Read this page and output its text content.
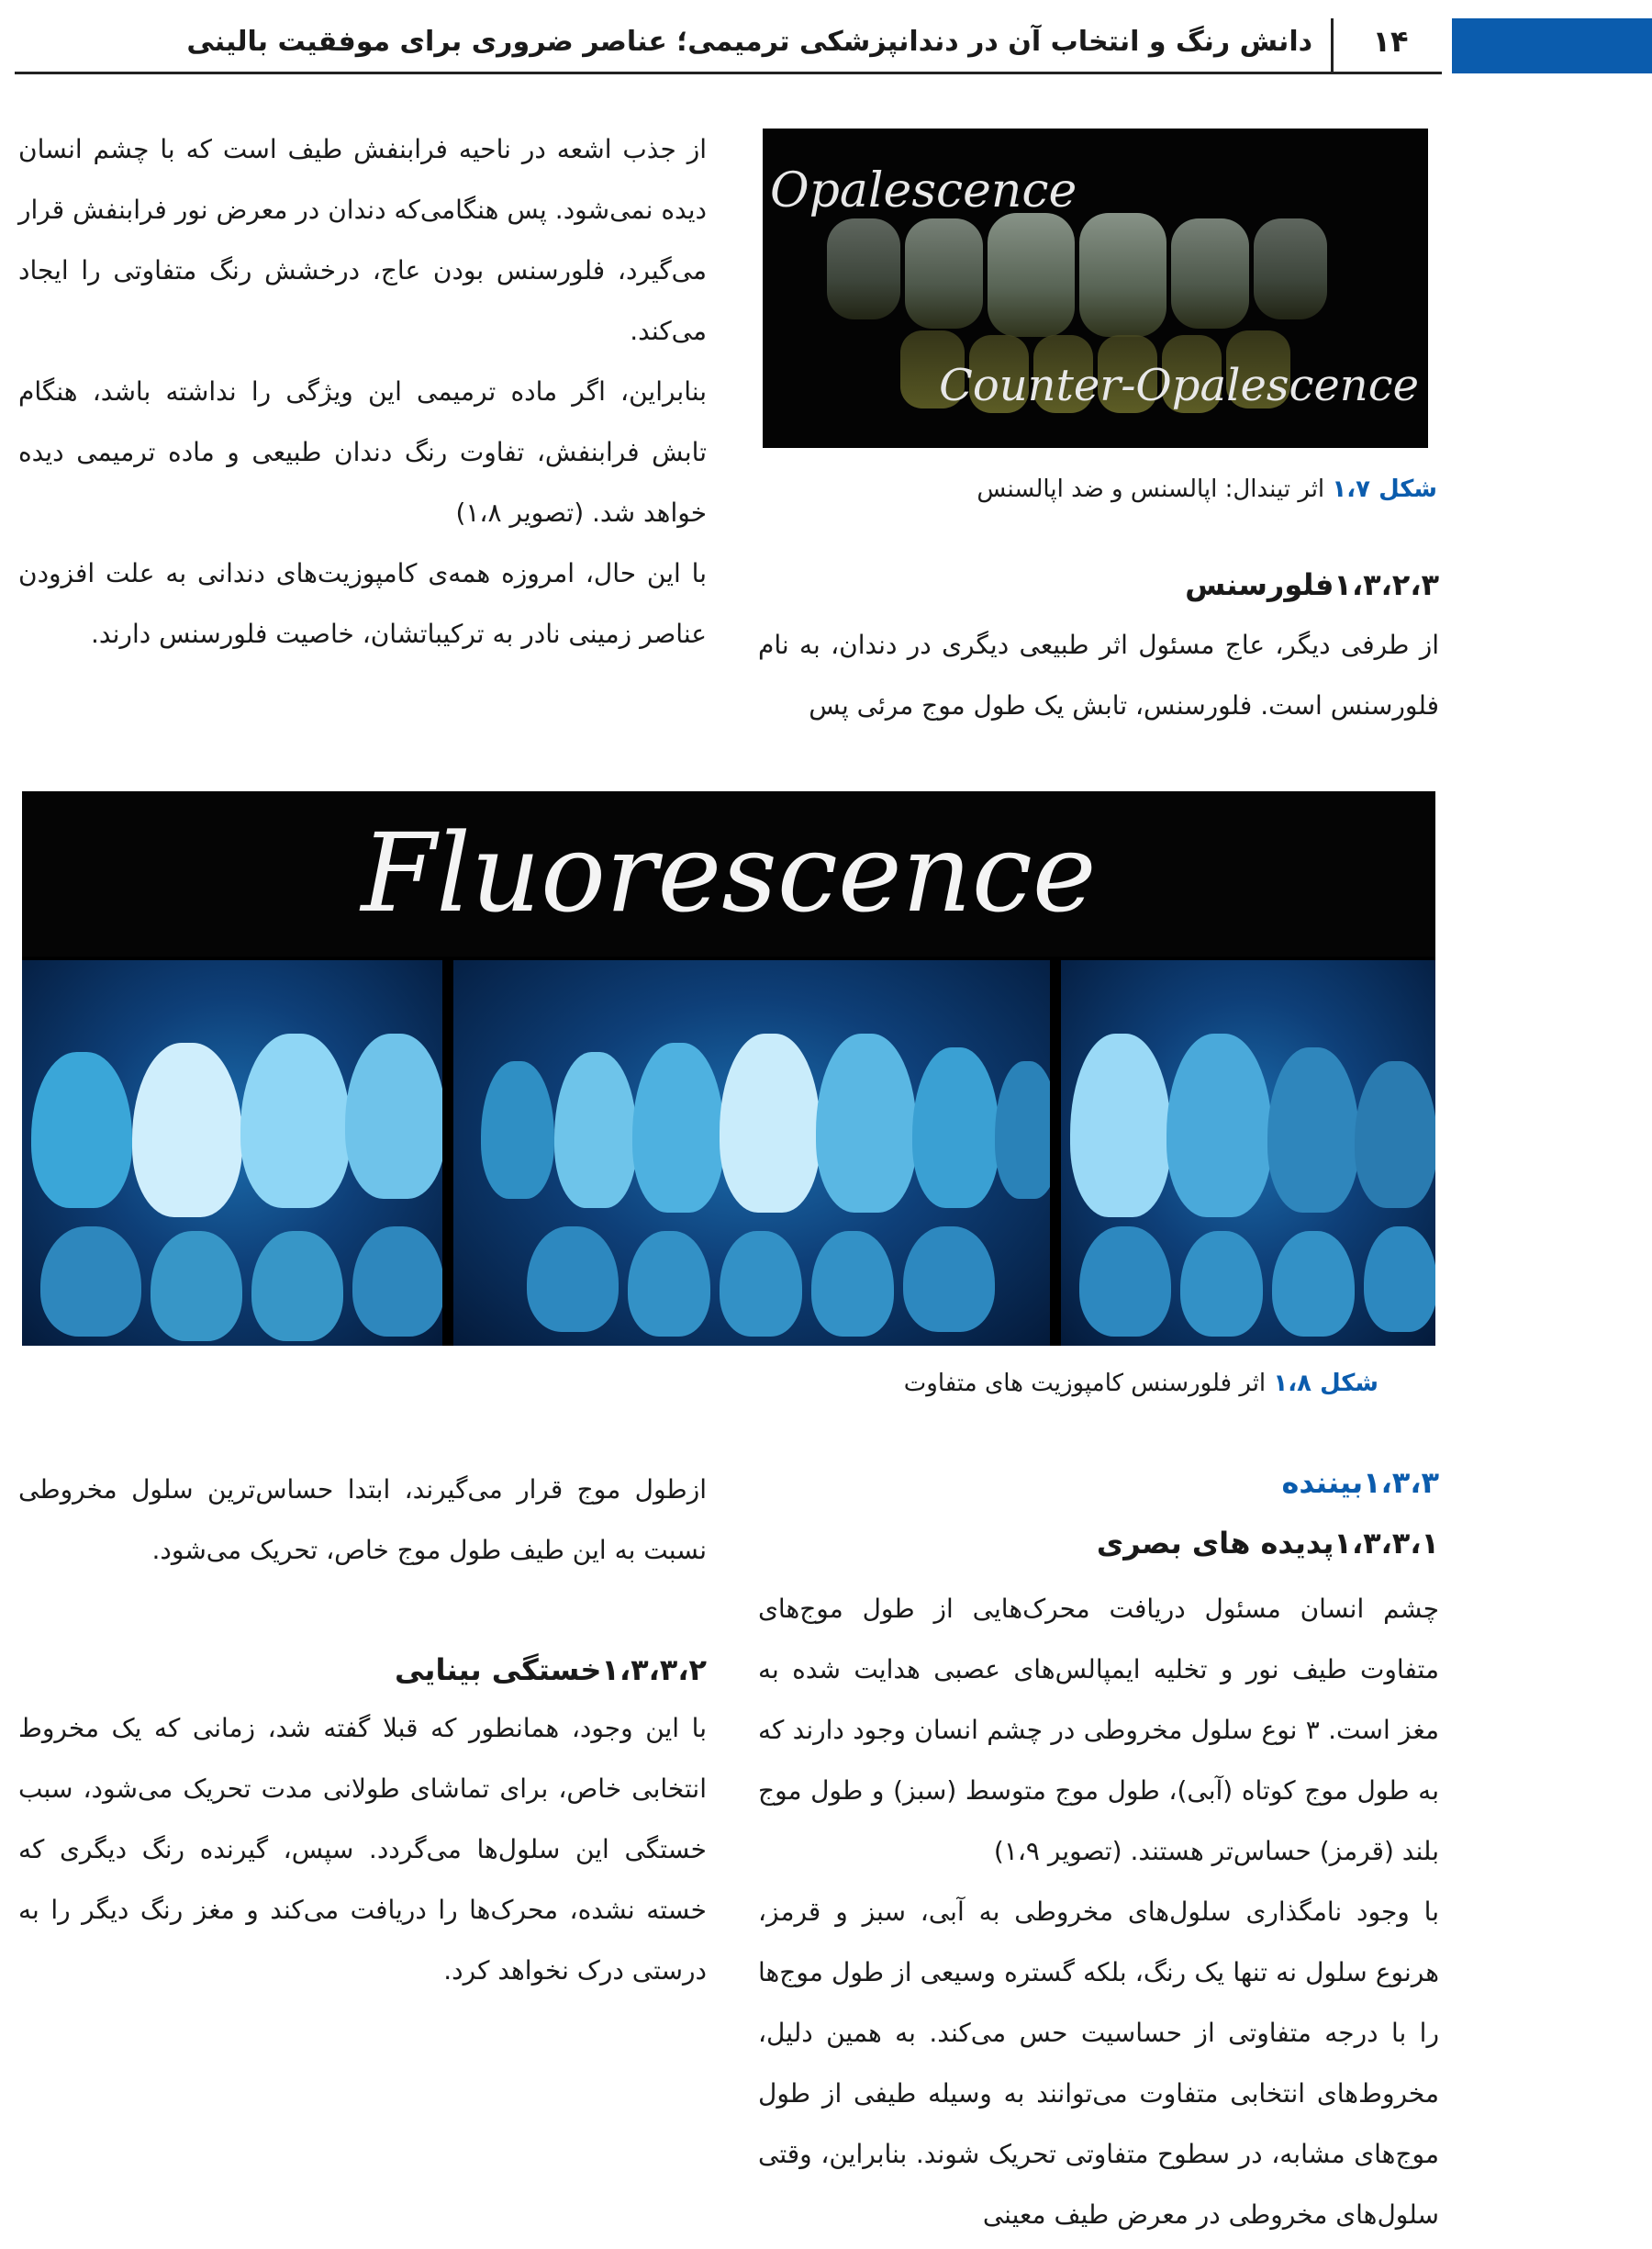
۱۴
دانش رنگ و انتخاب آن در دندانپزشکی ترمیمی؛ عناصر ضروری برای موفقیت بالینی
Opalescence
Counter-Opalescence
شکل ۱،۷ اثر تیندال: اپالسنس و ضد اپالسنس
۱،۳،۲،۳فلورسنس

از طرفی دیگر، عاج مسئول اثر طبیعی دیگری در دندان، به نام فلورسنس است. فلورسنس، تابش یک طول موج مرئی پس

از جذب اشعه در ناحیه فرابنفش طیف است که با چشم انسان دیده نمی‌شود. پس هنگامی‌که دندان در معرض نور فرابنفش قرار می‌گیرد، فلورسنس بودن عاج، درخشش رنگ متفاوتی را ایجاد می‌کند.

بنابراین، اگر ماده ترمیمی این ویژگی را نداشته باشد، هنگام تابش فرابنفش، تفاوت رنگ دندان طبیعی و ماده ترمیمی دیده خواهد شد. (تصویر ۱،۸)

با این حال، امروزه همه‌ی کامپوزیت‌های دندانی به علت افزودن عناصر زمینی نادر به ترکیباتشان، خاصیت فلورسنس دارند.

Fluorescence
شکل ۱،۸ اثر فلورسنس کامپوزیت های متفاوت
۱،۳،۳بیننده
۱،۳،۳،۱پدیده های بصری

چشم انسان مسئول دریافت محرک‌هایی از طول موج‌های متفاوت طیف نور و تخلیه ایمپالس‌های عصبی هدایت شده به مغز است. ۳ نوع سلول مخروطی در چشم انسان وجود دارند که به طول موج کوتاه (آبی)، طول موج متوسط (سبز) و طول موج بلند (قرمز) حساس‌تر هستند. (تصویر ۱،۹)

با وجود نامگذاری سلول‌های مخروطی به آبی، سبز و قرمز، هرنوع سلول نه تنها یک رنگ، بلکه گستره وسیعی از طول موج‌ها را با درجه متفاوتی از حساسیت حس می‌کند. به همین دلیل، مخروط‌های انتخابی متفاوت می‌توانند به وسیله طیفی از طول موج‌های مشابه، در سطوح متفاوتی تحریک شوند. بنابراین، وقتی سلول‌های مخروطی در معرض طیف معینی

ازطول موج قرار می‌گیرند، ابتدا حساس‌ترین سلول مخروطی نسبت به این طیف طول موج خاص، تحریک می‌شود.

۱،۳،۳،۲خستگی بینایی

با این وجود، همانطور که قبلا گفته شد، زمانی که یک مخروط انتخابی خاص، برای تماشای طولانی مدت تحریک می‌شود، سبب خستگی این سلول‌ها می‌گردد. سپس، گیرنده رنگ دیگری که خسته نشده، محرک‌ها را دریافت می‌کند و مغز رنگ دیگر را به درستی درک نخواهد کرد.
